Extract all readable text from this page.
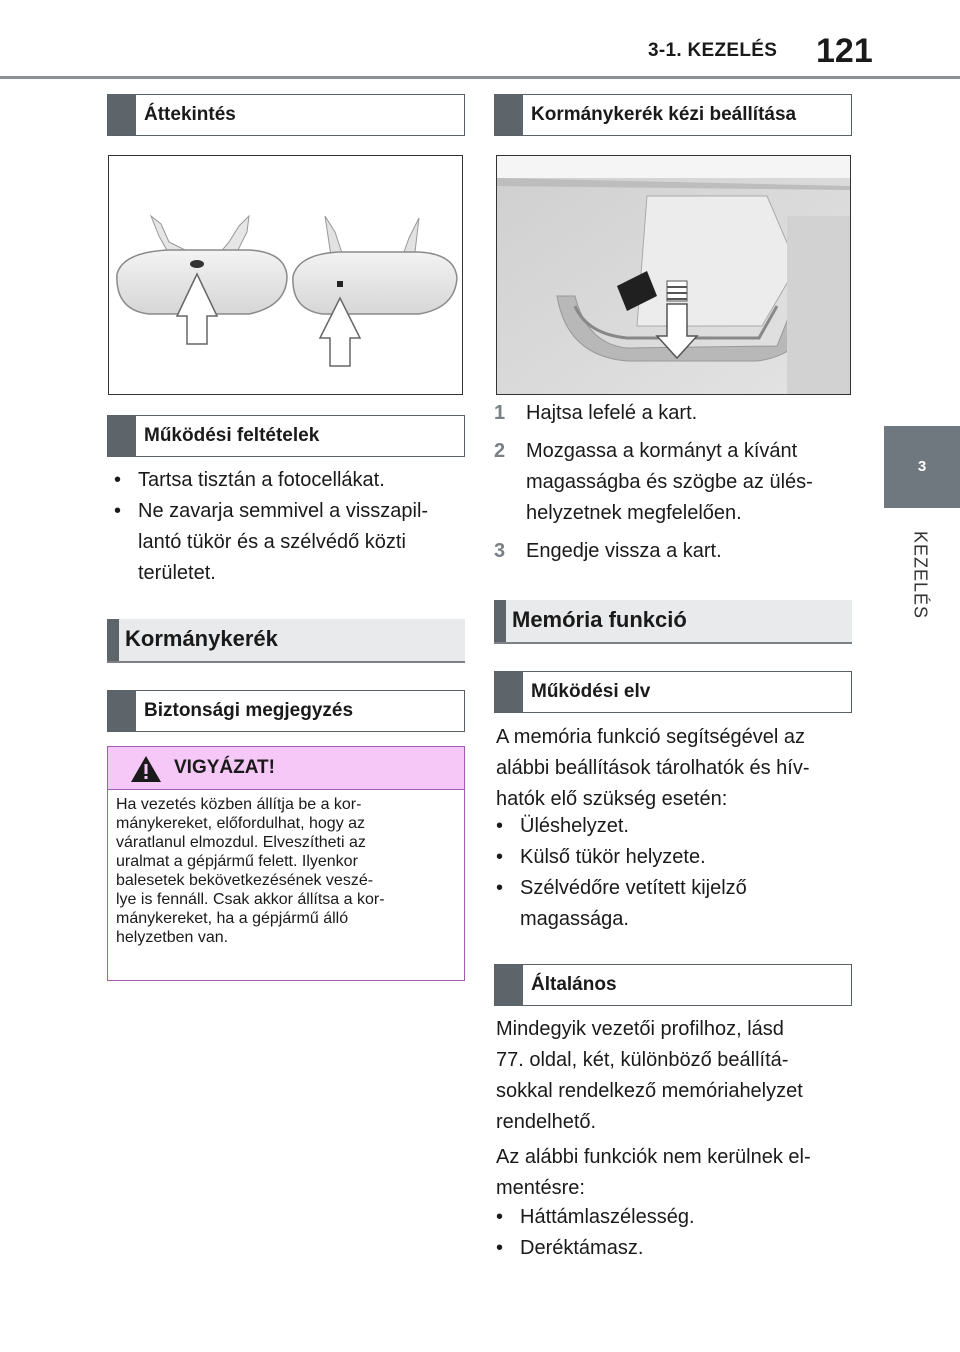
3-1. KEZELÉS 121
3
KEZELÉS
Áttekintés
Működési feltételek
• Tartsa tisztán a fotocellákat.
• Ne zavarja semmivel a visszapil-
lantó tükör és a szélvédő közti
területet.
Kormánykerék
Biztonsági megjegyzés
VIGYÁZAT!
Ha vezetés közben állítja be a kor-
mánykereket, előfordulhat, hogy az
váratlanul elmozdul. Elveszítheti az
uralmat a gépjármű felett. Ilyenkor
balesetek bekövetkezésének veszé-
lye is fennáll. Csak akkor állítsa a kor-
mánykereket, ha a gépjármű álló
helyzetben van.
Kormánykerék kézi beállítása
1 Hajtsa lefelé a kart.
2 Mozgassa a kormányt a kívánt
magasságba és szögbe az ülés-
helyzetnek megfelelően.
3 Engedje vissza a kart.
Memória funkció
Működési elv
A memória funkció segítségével az
alábbi beállítások tárolhatók és hív-
hatók elő szükség esetén:
• Üléshelyzet.
• Külső tükör helyzete.
• Szélvédőre vetített kijelző
magassága.
Általános
Mindegyik vezetői profilhoz, lásd
77. oldal, két, különböző beállítá-
sokkal rendelkező memóriahelyzet
rendelhető.
Az alábbi funkciók nem kerülnek el-
mentésre:
• Háttámlaszélesség.
• Deréktámasz.
